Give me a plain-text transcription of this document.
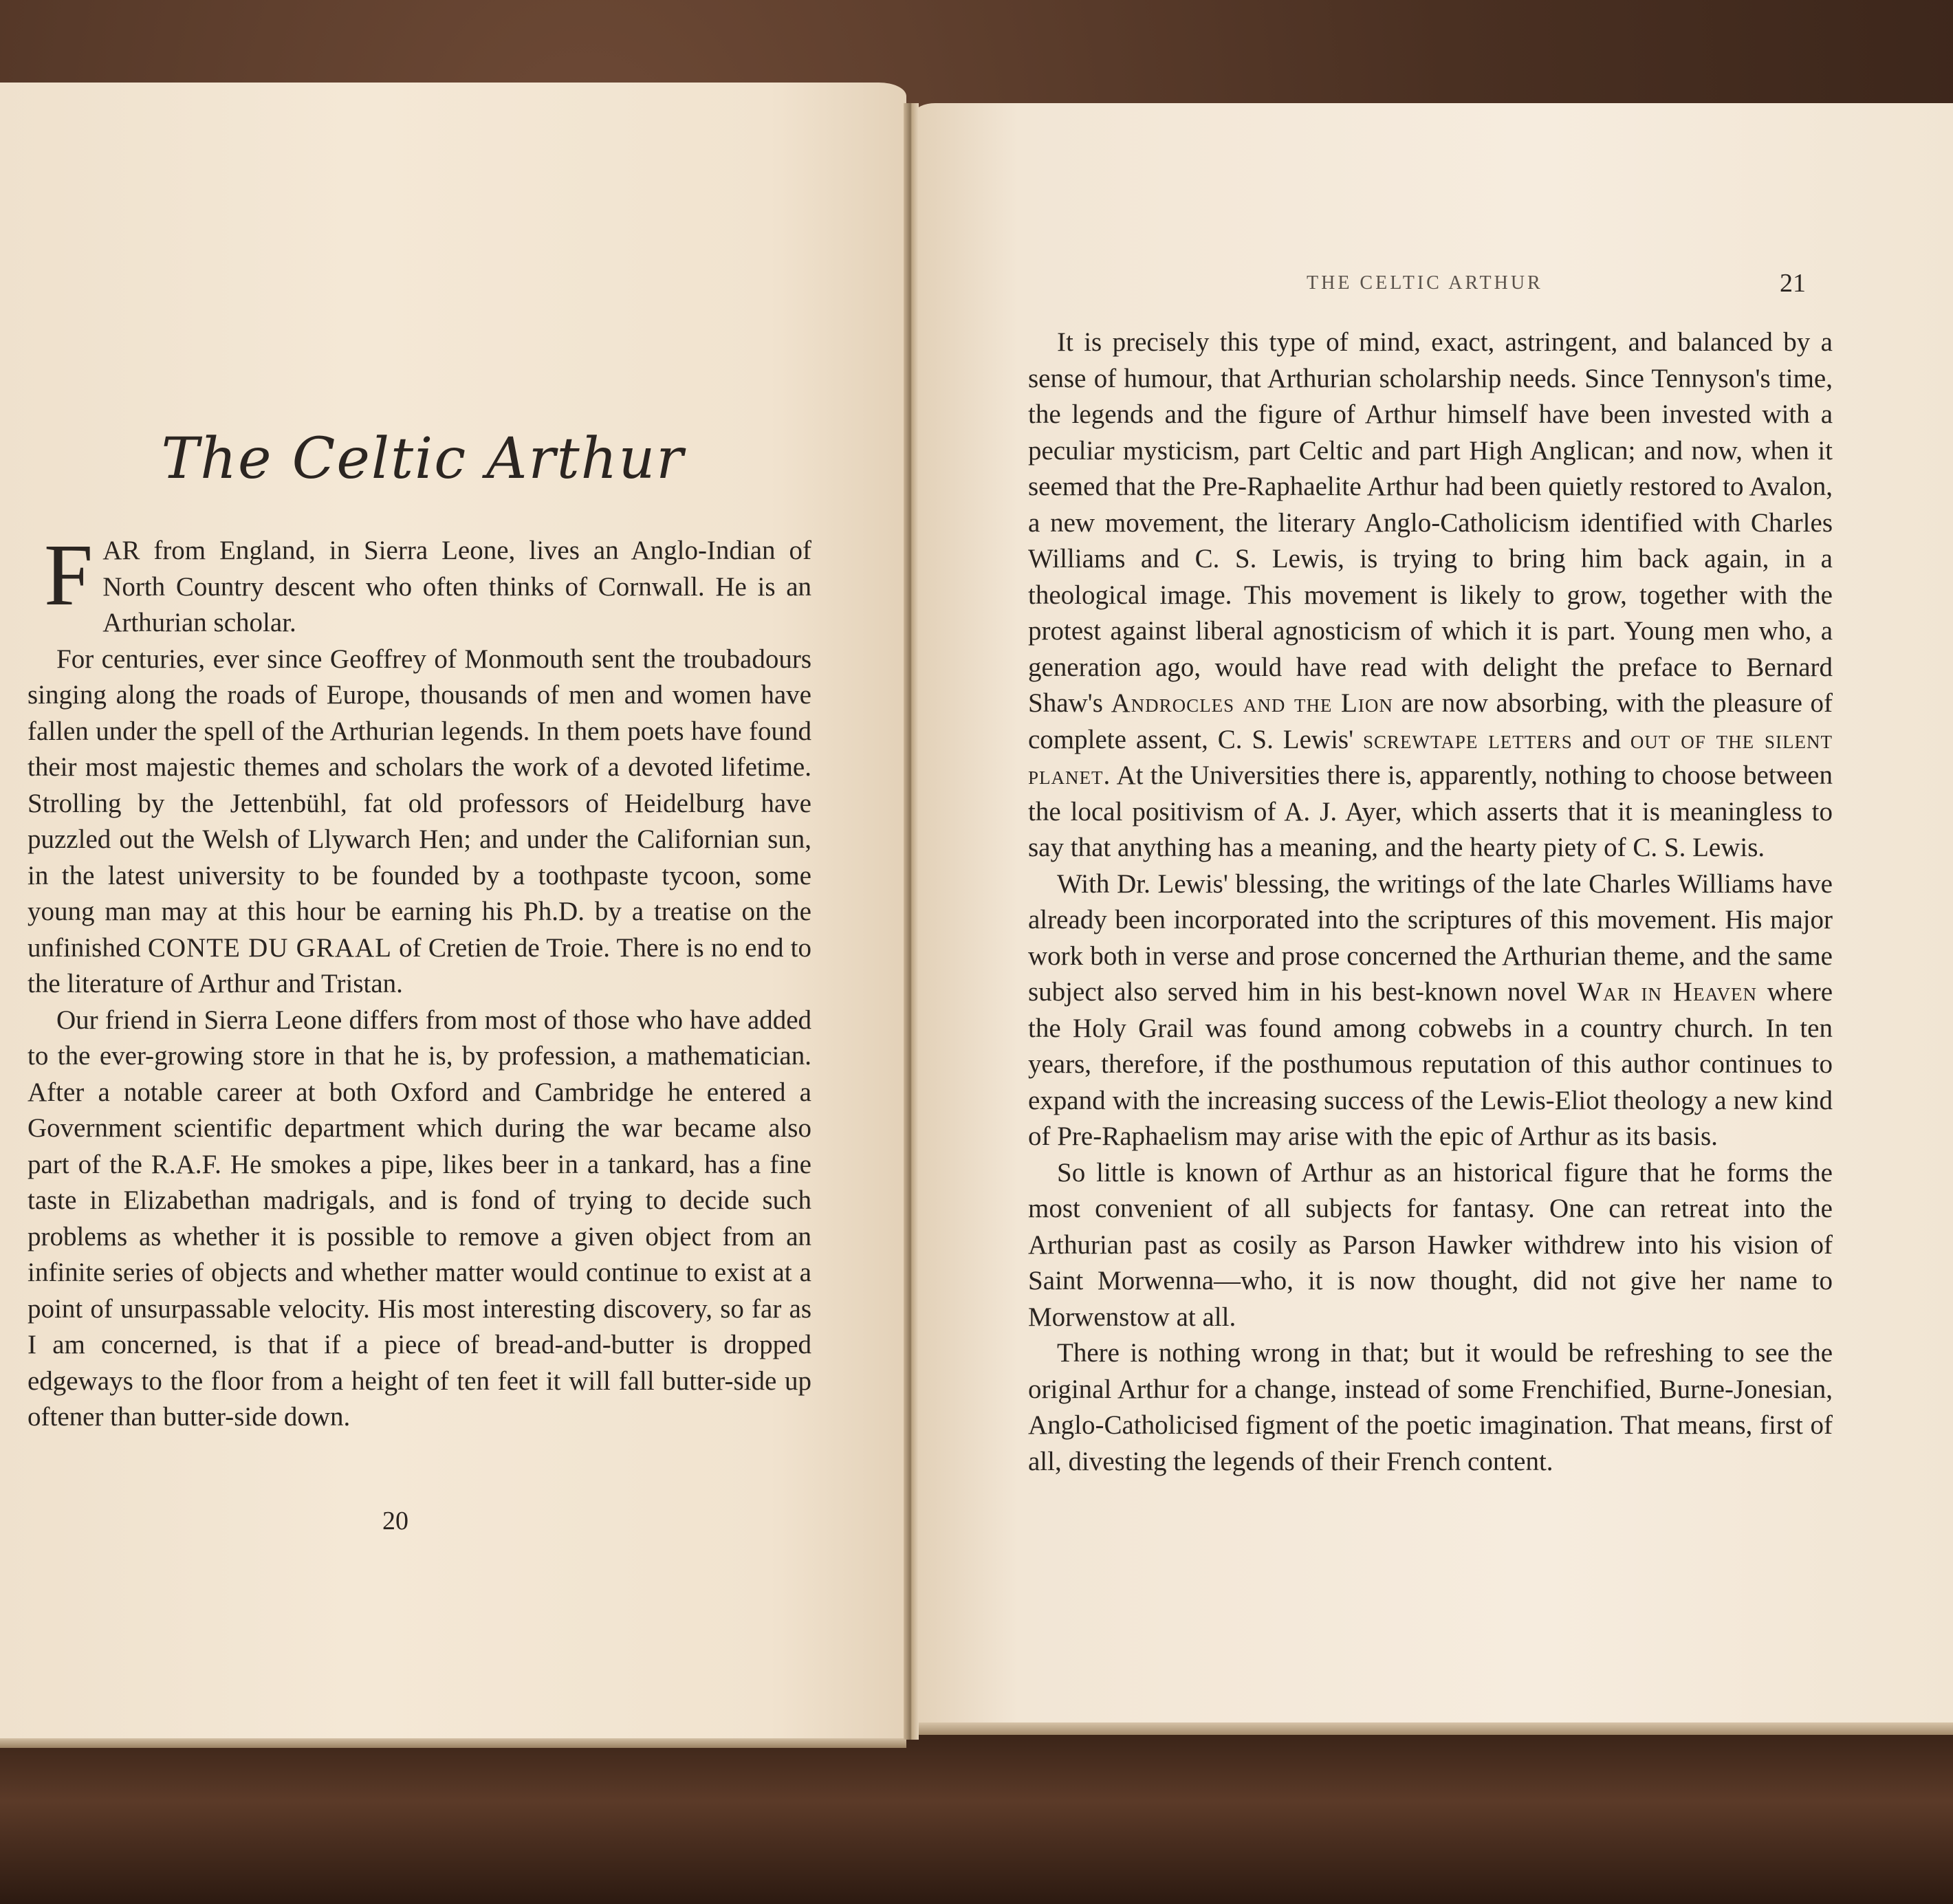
The Celtic Arthur

FAR from England, in Sierra Leone, lives an Anglo-Indian of North Country descent who often thinks of Cornwall. He is an Arthurian scholar.

For centuries, ever since Geoffrey of Monmouth sent the troubadours singing along the roads of Europe, thousands of men and women have fallen under the spell of the Arthurian legends. In them poets have found their most majestic themes and scholars the work of a devoted lifetime. Strolling by the Jettenbühl, fat old professors of Heidelburg have puzzled out the Welsh of Llywarch Hen; and under the Californian sun, in the latest university to be founded by a toothpaste tycoon, some young man may at this hour be earning his Ph.D. by a treatise on the unfinished CONTE DU GRAAL of Cretien de Troie. There is no end to the literature of Arthur and Tristan.

Our friend in Sierra Leone differs from most of those who have added to the ever-growing store in that he is, by profession, a mathematician. After a notable career at both Oxford and Cambridge he entered a Government scientific department which during the war became also part of the R.A.F. He smokes a pipe, likes beer in a tankard, has a fine taste in Elizabethan madrigals, and is fond of trying to decide such problems as whether it is possible to remove a given object from an infinite series of objects and whether matter would continue to exist at a point of unsurpassable velocity. His most interesting discovery, so far as I am concerned, is that if a piece of bread-and-butter is dropped edgeways to the floor from a height of ten feet it will fall butter-side up oftener than butter-side down.

20
THE CELTIC ARTHUR	21

It is precisely this type of mind, exact, astringent, and balanced by a sense of humour, that Arthurian scholarship needs. Since Tennyson's time, the legends and the figure of Arthur himself have been invested with a peculiar mysticism, part Celtic and part High Anglican; and now, when it seemed that the Pre-Raphaelite Arthur had been quietly restored to Avalon, a new movement, the literary Anglo-Catholicism identified with Charles Williams and C. S. Lewis, is trying to bring him back again, in a theological image. This movement is likely to grow, together with the protest against liberal agnosticism of which it is part. Young men who, a generation ago, would have read with delight the preface to Bernard Shaw's Androcles and the Lion are now absorbing, with the pleasure of complete assent, C. S. Lewis' screwtape letters and out of the silent planet. At the Universities there is, apparently, nothing to choose between the local positivism of A. J. Ayer, which asserts that it is meaningless to say that anything has a meaning, and the hearty piety of C. S. Lewis.

With Dr. Lewis' blessing, the writings of the late Charles Williams have already been incorporated into the scriptures of this movement. His major work both in verse and prose concerned the Arthurian theme, and the same subject also served him in his best-known novel War in Heaven where the Holy Grail was found among cobwebs in a country church. In ten years, therefore, if the posthumous reputation of this author continues to expand with the increasing success of the Lewis-Eliot theology a new kind of Pre-Raphaelism may arise with the epic of Arthur as its basis.

So little is known of Arthur as an historical figure that he forms the most convenient of all subjects for fantasy. One can retreat into the Arthurian past as cosily as Parson Hawker withdrew into his vision of Saint Morwenna—who, it is now thought, did not give her name to Morwenstow at all.

There is nothing wrong in that; but it would be refreshing to see the original Arthur for a change, instead of some Frenchified, Burne-Jonesian, Anglo-Catholicised figment of the poetic imagination. That means, first of all, divesting the legends of their French content.
